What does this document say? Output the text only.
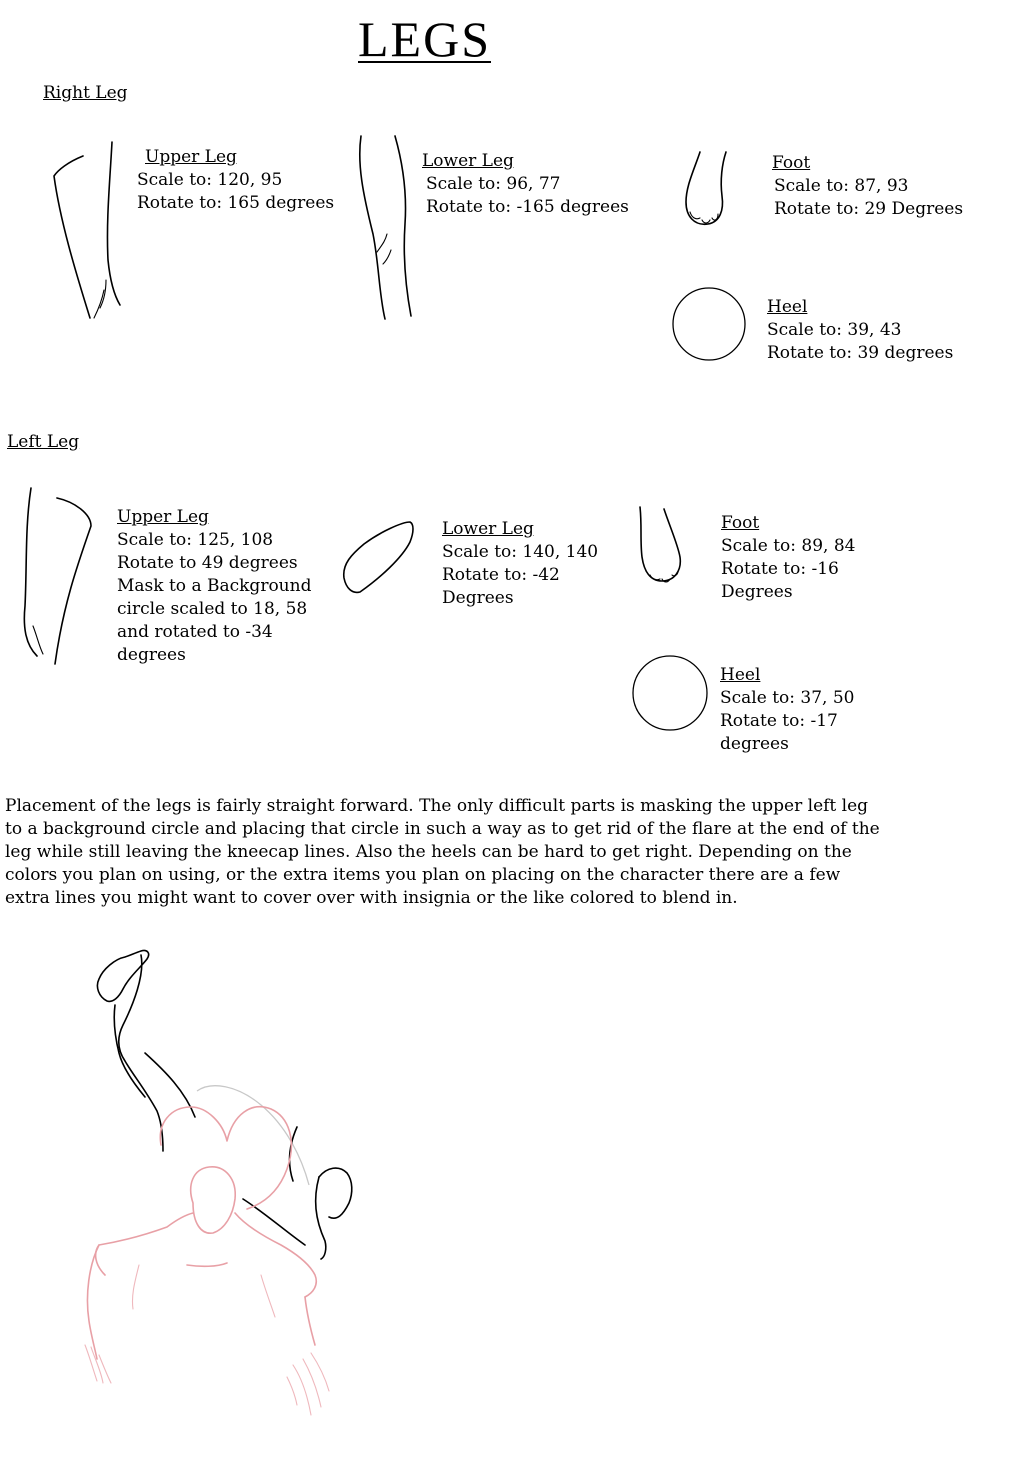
LEGS
Right Leg
Upper Leg
Scale to: 120, 95
Rotate to: 165 degrees
Lower Leg
Scale to: 96, 77
Rotate to: -165 degrees
Foot
Scale to: 87, 93
Rotate to: 29 Degrees
Heel
Scale to: 39, 43
Rotate to: 39 degrees
Left Leg
Upper Leg
Scale to: 125, 108
Rotate to 49 degrees
Mask to a Background
circle scaled to 18, 58
and rotated to -34
degrees
Lower Leg
Scale to: 140, 140
Rotate to: -42
Degrees
Foot
Scale to: 89, 84
Rotate to: -16
Degrees
Heel
Scale to: 37, 50
Rotate to: -17
degrees
Placement of the legs is fairly straight forward. The only difficult parts is masking the upper left leg to a background circle and placing that circle in such a way as to get rid of the flare at the end of the leg while still leaving the kneecap lines. Also the heels can be hard to get right. Depending on the colors you plan on using, or the extra items you plan on placing on the character there are a few extra lines you might want to cover over with insignia or the like colored to blend in.
